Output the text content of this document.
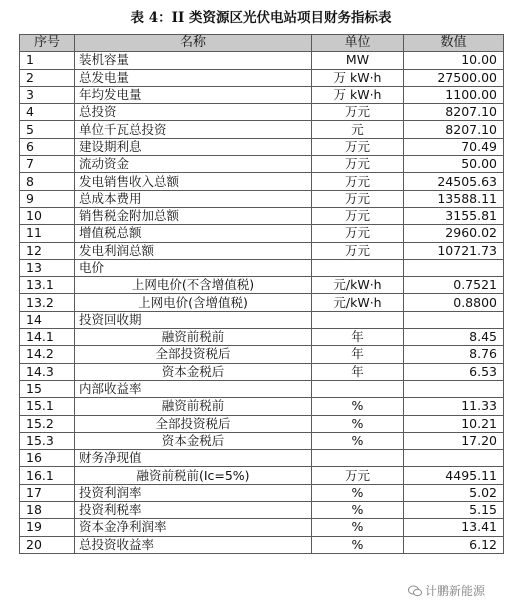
表 4：II 类资源区光伏电站项目财务指标表
序号	名称	单位	数值
1	装机容量	MW	10.00
2	总发电量	万 kW·h	27500.00
3	年均发电量	万 kW·h	1100.00
4	总投资	万元	8207.10
5	单位千瓦总投资	元	8207.10
6	建设期利息	万元	70.49
7	流动资金	万元	50.00
8	发电销售收入总额	万元	24505.63
9	总成本费用	万元	13588.11
10	销售税金附加总额	万元	3155.81
11	增值税总额	万元	2960.02
12	发电利润总额	万元	10721.73
13	电价		
13.1	上网电价(不含增值税)	元/kW·h	0.7521
13.2	上网电价(含增值税)	元/kW·h	0.8800
14	投资回收期		
14.1	融资前税前	年	8.45
14.2	全部投资税后	年	8.76
14.3	资本金税后	年	6.53
15	内部收益率		
15.1	融资前税前	%	11.33
15.2	全部投资税后	%	10.21
15.3	资本金税后	%	17.20
16	财务净现值		
16.1	融资前税前(Ic=5%)	万元	4495.11
17	投资利润率	%	5.02
18	投资利税率	%	5.15
19	资本金净利润率	%	13.41
20	总投资收益率	%	6.12
计鹏新能源
